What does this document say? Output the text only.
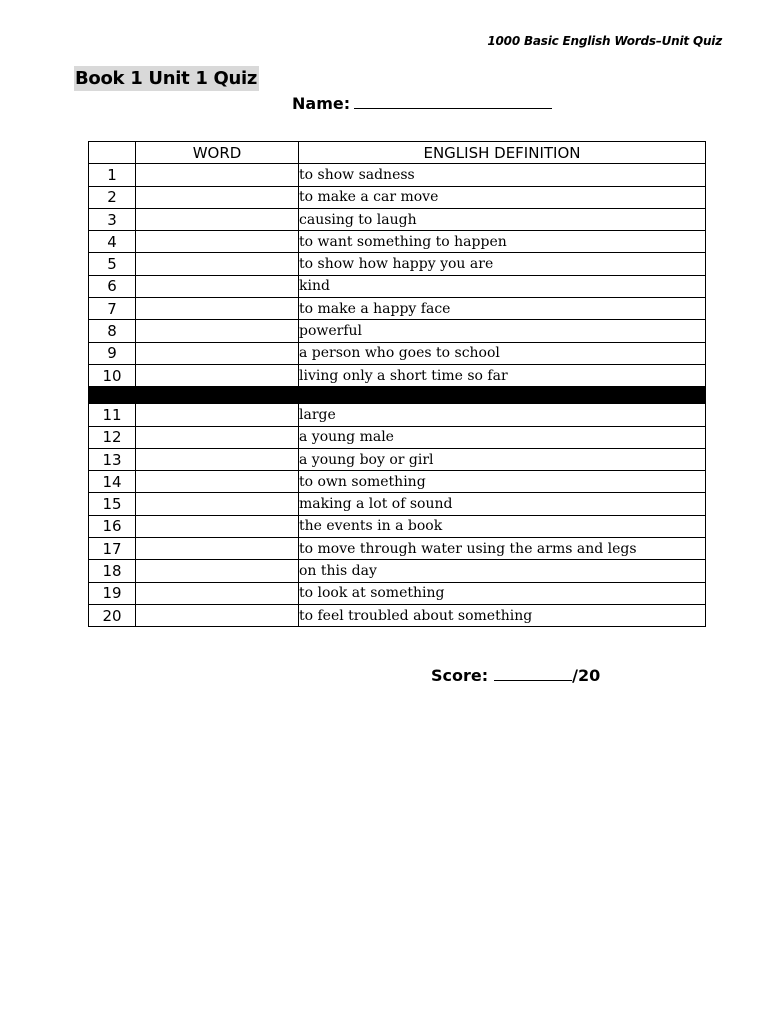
1000 Basic English Words–Unit Quiz
Book 1 Unit 1 Quiz
Name:
	WORD	ENGLISH DEFINITION
1		to show sadness
2		to make a car move
3		causing to laugh
4		to want something to happen
5		to show how happy you are
6		kind
7		to make a happy face
8		powerful
9		a person who goes to school
10		living only a short time so far

11		large
12		a young male
13		a young boy or girl
14		to own something
15		making a lot of sound
16		the events in a book
17		to move through water using the arms and legs
18		on this day
19		to look at something
20		to feel troubled about something
Score:	/20
